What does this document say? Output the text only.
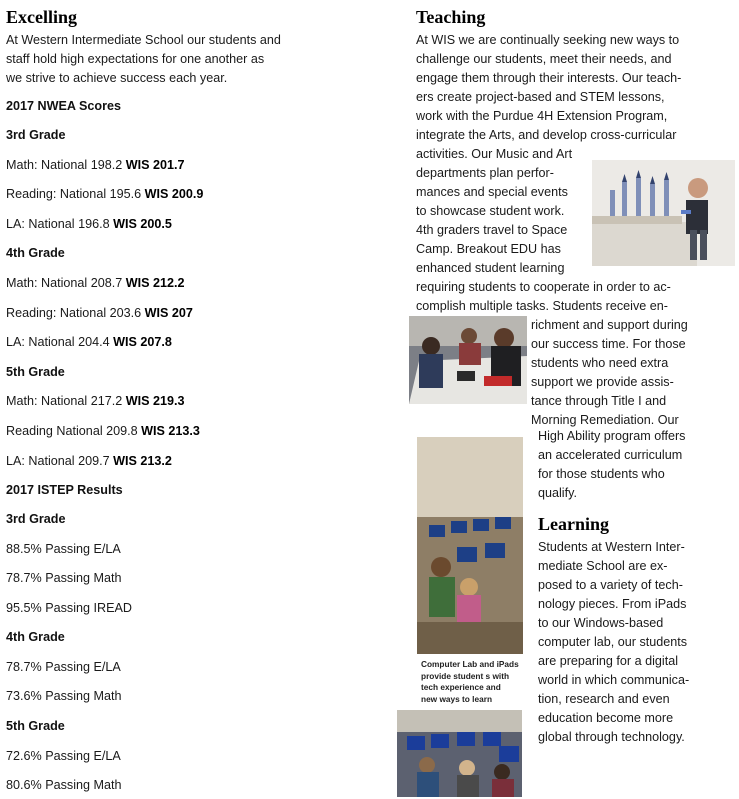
Excelling
At Western Intermediate School our students and
staff hold high expectations for one another as
we strive to achieve success each year.
2017 NWEA Scores
3rd Grade
Math: National 198.2 WIS 201.7
Reading: National 195.6 WIS 200.9
LA: National 196.8 WIS 200.5
4th Grade
Math: National 208.7 WIS 212.2
Reading: National 203.6 WIS 207
LA: National 204.4 WIS 207.8
5th Grade
Math: National 217.2 WIS 219.3
Reading National 209.8 WIS 213.3
LA: National 209.7 WIS 213.2
2017 ISTEP Results
3rd Grade
88.5% Passing E/LA
78.7% Passing Math
95.5% Passing IREAD
4th Grade
78.7% Passing E/LA
73.6% Passing Math
5th Grade
72.6% Passing E/LA
80.6% Passing Math
Teaching
At WIS we are continually seeking new ways to
challenge our students, meet their needs, and
engage them through their interests. Our teach-
ers create project-based and STEM lessons,
work with the Purdue 4H Extension Program,
integrate the Arts, and develop cross-curricular
activities. Our Music and Art
departments plan perfor-
mances and special events
to showcase student work.
4th graders travel to Space
Camp. Breakout EDU has
enhanced student learning
requiring students to cooperate in order to ac-
complish multiple tasks. Students receive en-
richment and support during
our success time. For those
students who need extra
support we provide assis-
tance through Title I and
Morning Remediation. Our
High Ability program offers
an accelerated curriculum
for those students who
qualify.
Learning
Students at Western Inter-
mediate School are ex-
posed to a variety of tech-
nology pieces. From iPads
to our Windows-based
computer lab, our students
are preparing for a digital
world in which communica-
tion, research and even
education become more
global through technology.
Computer Lab and iPads
provide student s with
tech experience and
new ways to learn
